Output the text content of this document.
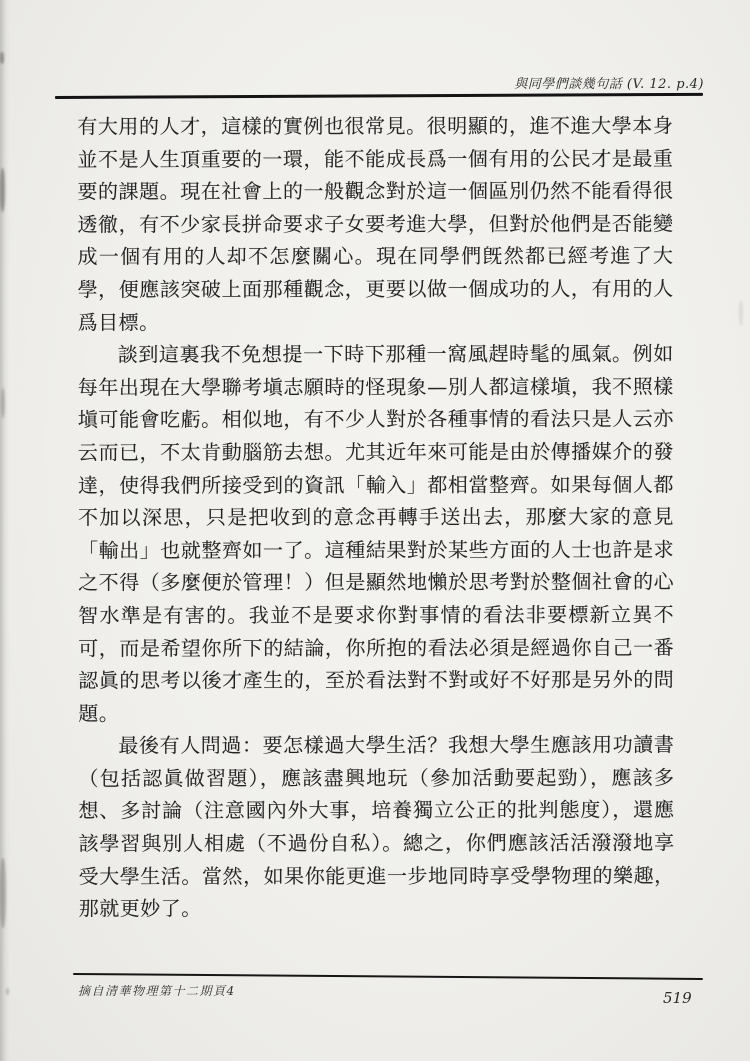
與同學們談幾句話 (V. 12. p.4)

有大用的人才，這樣的實例也很常見。很明顯的，進不進大學本身並不是人生頂重要的一環，能不能成長爲一個有用的公民才是最重要的課題。現在社會上的一般觀念對於這一個區別仍然不能看得很透徹，有不少家長拼命要求子女要考進大學，但對於他們是否能變成一個有用的人却不怎麼關心。現在同學們旣然都已經考進了大學，便應該突破上面那種觀念，更要以做一個成功的人，有用的人爲目標。

談到這裏我不免想提一下時下那種一窩風趕時髦的風氣。例如每年出現在大學聯考塡志願時的怪現象—別人都這樣塡，我不照樣塡可能會吃虧。相似地，有不少人對於各種事情的看法只是人云亦云而已，不太肯動腦筋去想。尤其近年來可能是由於傳播媒介的發達，使得我們所接受到的資訊「輸入」都相當整齊。如果每個人都不加以深思，只是把收到的意念再轉手送出去，那麼大家的意見「輸出」也就整齊如一了。這種結果對於某些方面的人士也許是求之不得（多麼便於管理！）但是顯然地懶於思考對於整個社會的心智水準是有害的。我並不是要求你對事情的看法非要標新立異不可，而是希望你所下的結論，你所抱的看法必須是經過你自己一番認眞的思考以後才產生的，至於看法對不對或好不好那是另外的問題。

最後有人問過：要怎樣過大學生活？我想大學生應該用功讀書（包括認眞做習題），應該盡興地玩（參加活動要起勁），應該多想、多討論（注意國內外大事，培養獨立公正的批判態度），還應該學習與別人相處（不過份自私）。總之，你們應該活活潑潑地享受大學生活。當然，如果你能更進一步地同時享受學物理的樂趣，那就更妙了。

摘自清華物理第十二期頁4	519
